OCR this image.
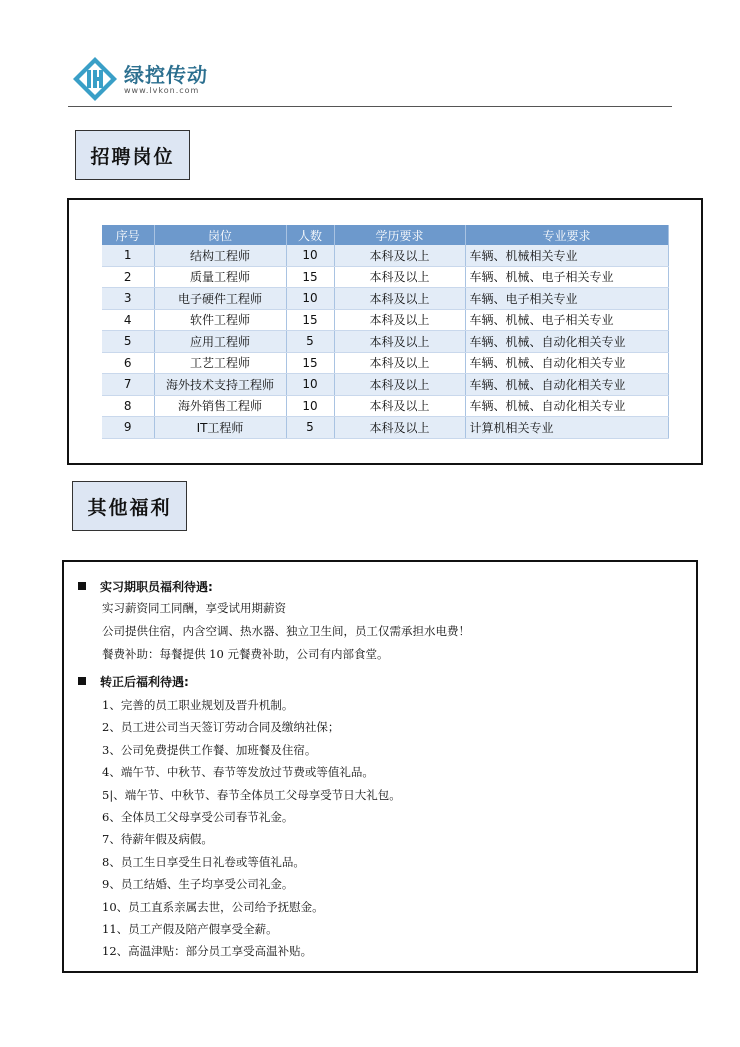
绿控传动
www.lvkon.com
招聘岗位
序号	岗位	人数	学历要求	专业要求
1	结构工程师	10	本科及以上	车辆、机械相关专业
2	质量工程师	15	本科及以上	车辆、机械、电子相关专业
3	电子硬件工程师	10	本科及以上	车辆、电子相关专业
4	软件工程师	15	本科及以上	车辆、机械、电子相关专业
5	应用工程师	5	本科及以上	车辆、机械、自动化相关专业
6	工艺工程师	15	本科及以上	车辆、机械、自动化相关专业
7	海外技术支持工程师	10	本科及以上	车辆、机械、自动化相关专业
8	海外销售工程师	10	本科及以上	车辆、机械、自动化相关专业
9	IT工程师	5	本科及以上	计算机相关专业
其他福利
实习期职员福利待遇:
实习薪资同工同酬，享受试用期薪资
公司提供住宿，内含空调、热水器、独立卫生间，员工仅需承担水电费！
餐费补助：每餐提供 10 元餐费补助，公司有内部食堂。
转正后福利待遇:
1、完善的员工职业规划及晋升机制。
2、员工进公司当天签订劳动合同及缴纳社保；
3、公司免费提供工作餐、加班餐及住宿。
4、端午节、中秋节、春节等发放过节费或等值礼品。
5|、端午节、中秋节、春节全体员工父母享受节日大礼包。
6、全体员工父母享受公司春节礼金。
7、待薪年假及病假。
8、员工生日享受生日礼卷或等值礼品。
9、员工结婚、生子均享受公司礼金。
10、员工直系亲属去世，公司给予抚慰金。
11、员工产假及陪产假享受全薪。
12、高温津贴：部分员工享受高温补贴。
